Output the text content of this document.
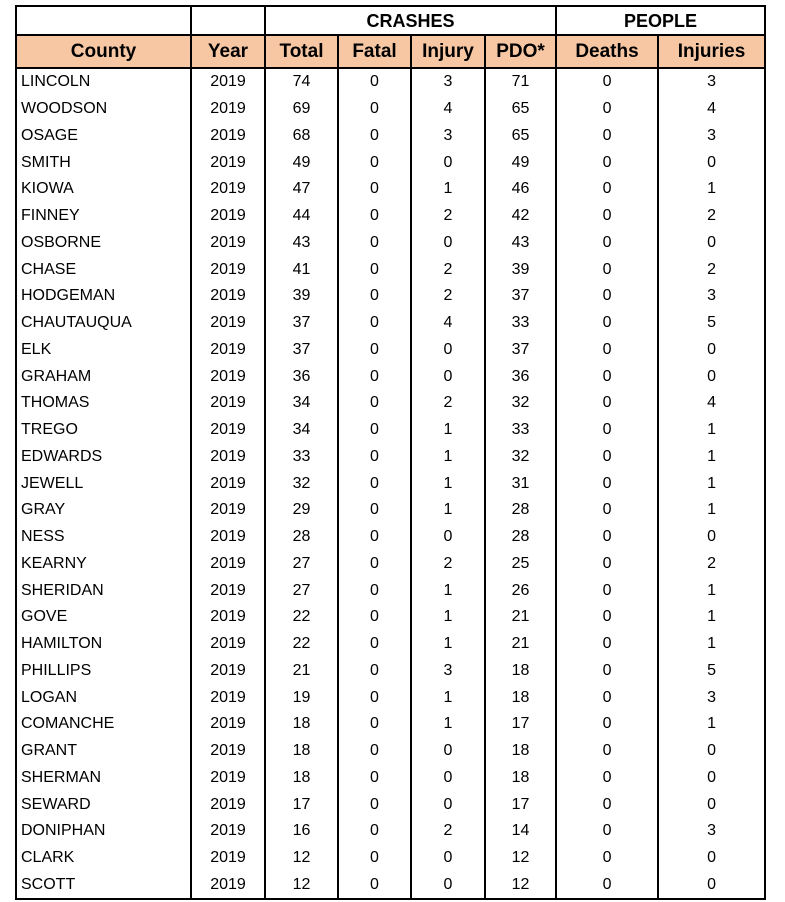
		CRASHES				PEOPLE	
County	Year	Total	Fatal	Injury	PDO*	Deaths	Injuries
LINCOLN	2019	74	0	3	71	0	3
WOODSON	2019	69	0	4	65	0	4
OSAGE	2019	68	0	3	65	0	3
SMITH	2019	49	0	0	49	0	0
KIOWA	2019	47	0	1	46	0	1
FINNEY	2019	44	0	2	42	0	2
OSBORNE	2019	43	0	0	43	0	0
CHASE	2019	41	0	2	39	0	2
HODGEMAN	2019	39	0	2	37	0	3
CHAUTAUQUA	2019	37	0	4	33	0	5
ELK	2019	37	0	0	37	0	0
GRAHAM	2019	36	0	0	36	0	0
THOMAS	2019	34	0	2	32	0	4
TREGO	2019	34	0	1	33	0	1
EDWARDS	2019	33	0	1	32	0	1
JEWELL	2019	32	0	1	31	0	1
GRAY	2019	29	0	1	28	0	1
NESS	2019	28	0	0	28	0	0
KEARNY	2019	27	0	2	25	0	2
SHERIDAN	2019	27	0	1	26	0	1
GOVE	2019	22	0	1	21	0	1
HAMILTON	2019	22	0	1	21	0	1
PHILLIPS	2019	21	0	3	18	0	5
LOGAN	2019	19	0	1	18	0	3
COMANCHE	2019	18	0	1	17	0	1
GRANT	2019	18	0	0	18	0	0
SHERMAN	2019	18	0	0	18	0	0
SEWARD	2019	17	0	0	17	0	0
DONIPHAN	2019	16	0	2	14	0	3
CLARK	2019	12	0	0	12	0	0
SCOTT	2019	12	0	0	12	0	0
